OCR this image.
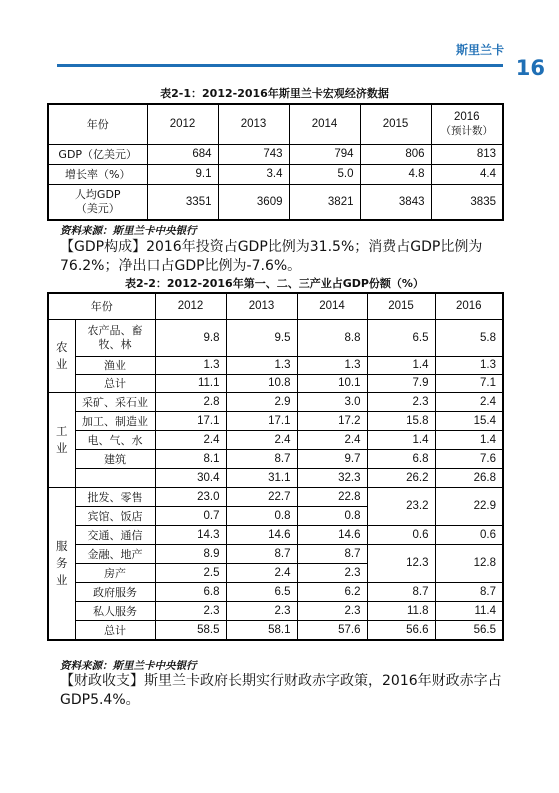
斯里兰卡
16
表2-1：2012-2016年斯里兰卡宏观经济数据
年份	2012	2013	2014	2015	2016
（预计数）

GDP（亿美元）	684	743	794	806	813
增长率（%）	9.1	3.4	5.0	4.8	4.4

人均GDP
（美元）	3351	3609	3821	3843	3835
资料来源：斯里兰卡中央银行
【GDP构成】2016年投资占GDP比例为31.5%；消费占GDP比例为76.2%；净出口占GDP比例为-7.6%。
表2-2：2012-2016年第一、二、三产业占GDP份额（%）
年份		2012	2013	2014	2015	2016
农业	农产品、畜
牧、林	9.8	9.5	8.8	6.5	5.8
	渔业	1.3	1.3	1.3	1.4	1.3
	总计	11.1	10.8	10.1	7.9	7.1
工业	采矿、采石业	2.8	2.9	3.0	2.3	2.4
	加工、制造业	17.1	17.1	17.2	15.8	15.4
	电、气、水	2.4	2.4	2.4	1.4	1.4
	建筑	8.1	8.7	9.7	6.8	7.6
		30.4	31.1	32.3	26.2	26.8
服务业	批发、零售	23.0	22.7	22.8	23.2	22.9
	宾馆、饭店	0.7	0.8	0.8		
	交通、通信	14.3	14.6	14.6	0.6	0.6
	金融、地产	8.9	8.7	8.7	12.3	12.8
	房产	2.5	2.4	2.3		
	政府服务	6.8	6.5	6.2	8.7	8.7
	私人服务	2.3	2.3	2.3	11.8	11.4
	总计	58.5	58.1	57.6	56.6	56.5
资料来源：斯里兰卡中央银行
【财政收支】斯里兰卡政府长期实行财政赤字政策，2016年财政赤字占GDP5.4%。
